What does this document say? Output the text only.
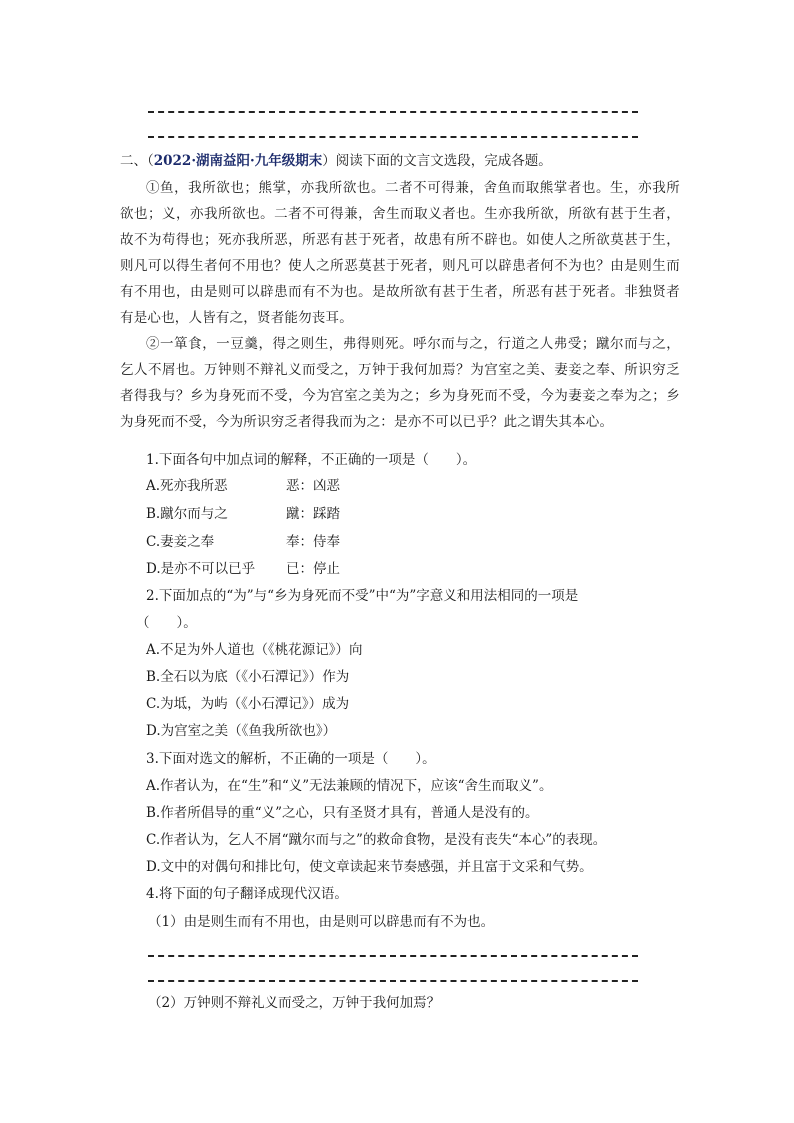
二、（2022·湖南益阳·九年级期末）阅读下面的文言文选段，完成各题。

①鱼，我所欲也；熊掌，亦我所欲也。二者不可得兼，舍鱼而取熊掌者也。生，亦我所欲也；义，亦我所欲也。二者不可得兼，舍生而取义者也。生亦我所欲，所欲有甚于生者，故不为苟得也；死亦我所恶，所恶有甚于死者，故患有所不辟也。如使人之所欲莫甚于生，则凡可以得生者何不用也？使人之所恶莫甚于死者，则凡可以辟患者何不为也？由是则生而有不用也，由是则可以辟患而有不为也。是故所欲有甚于生者，所恶有甚于死者。非独贤者有是心也，人皆有之，贤者能勿丧耳。

②一箪食，一豆羹，得之则生，弗得则死。呼尔而与之，行道之人弗受；蹴尔而与之，乞人不屑也。万钟则不辩礼义而受之，万钟于我何加焉？为宫室之美、妻妾之奉、所识穷乏者得我与？乡为身死而不受，今为宫室之美为之；乡为身死而不受，今为妻妾之奉为之；乡为身死而不受，今为所识穷乏者得我而为之：是亦不可以已乎？此之谓失其本心。

1.下面各句中加点词的解释，不正确的一项是（　　）。
A.死亦我所恶	恶：凶恶
B.蹴尔而与之	蹴：踩踏
C.妻妾之奉	奉：侍奉
D.是亦不可以已乎 已：停止
2.下面加点的“为”与“乡为身死而不受”中“为”字意义和用法相同的一项是
（　　）。
A.不足为外人道也（《桃花源记》）向
B.全石以为底（《小石潭记》）作为
C.为坻，为屿（《小石潭记》）成为
D.为宫室之美（《鱼我所欲也》）
3.下面对选文的解析，不正确的一项是（　　）。
A.作者认为，在“生”和“义”无法兼顾的情况下，应该“舍生而取义”。
B.作者所倡导的重“义”之心，只有圣贤才具有，普通人是没有的。
C.作者认为，乞人不屑“蹴尔而与之”的救命食物，是没有丧失“本心”的表现。
D.文中的对偶句和排比句，使文章读起来节奏感强，并且富于文采和气势。
4.将下面的句子翻译成现代汉语。
（1）由是则生而有不用也，由是则可以辟患而有不为也。
（2）万钟则不辩礼义而受之，万钟于我何加焉？
